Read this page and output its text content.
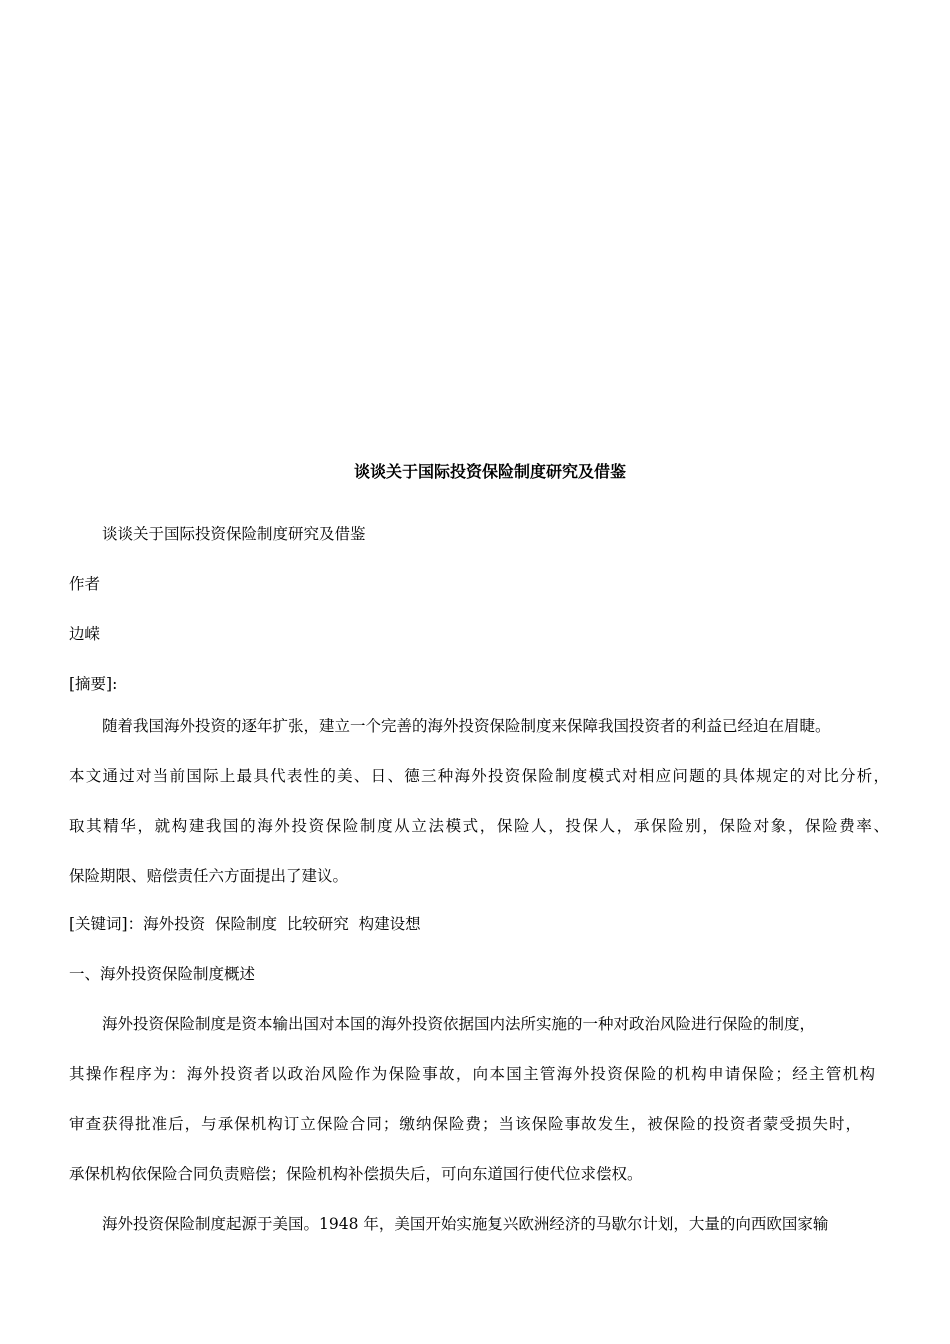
谈谈关于国际投资保险制度研究及借鉴
谈谈关于国际投资保险制度研究及借鉴
作者
边嵘
[摘要]:
随着我国海外投资的逐年扩张，建立一个完善的海外投资保险制度来保障我国投资者的利益已经迫在眉睫。
本文通过对当前国际上最具代表性的美、日、德三种海外投资保险制度模式对相应问题的具体规定的对比分析，
取其精华，就构建我国的海外投资保险制度从立法模式，保险人，投保人，承保险别，保险对象，保险费率、
保险期限、赔偿责任六方面提出了建议。
[关键词]：海外投资  保险制度  比较研究  构建设想
一、海外投资保险制度概述
海外投资保险制度是资本输出国对本国的海外投资依据国内法所实施的一种对政治风险进行保险的制度，
其操作程序为：海外投资者以政治风险作为保险事故，向本国主管海外投资保险的机构申请保险；经主管机构
审查获得批准后，与承保机构订立保险合同；缴纳保险费；当该保险事故发生，被保险的投资者蒙受损失时，
承保机构依保险合同负责赔偿；保险机构补偿损失后，可向东道国行使代位求偿权。
海外投资保险制度起源于美国。1948 年，美国开始实施复兴欧洲经济的马歇尔计划，大量的向西欧国家输
